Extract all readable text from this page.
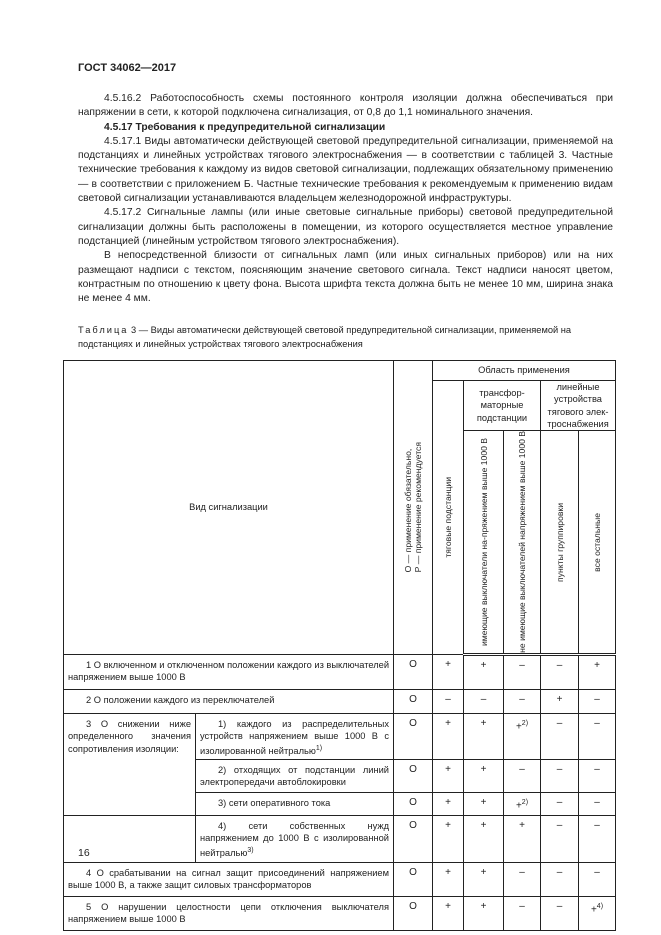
ГОСТ 34062—2017

4.5.16.2 Работоспособность схемы постоянного контроля изоляции должна обеспечиваться при напряжении в сети, к которой подключена сигнализация, от 0,8 до 1,1 номинального значения.

4.5.17 Требования к предупредительной сигнализации

4.5.17.1 Виды автоматически действующей световой предупредительной сигнализации, применяемой на подстанциях и линейных устройствах тягового электроснабжения — в соответствии с таблицей 3. Частные технические требования к каждому из видов световой сигнализации, подлежащих обязательному применению — в соответствии с приложением Б. Частные технические требования к рекомендуемым к применению видам световой сигнализации устанавливаются владельцем железнодорожной инфраструктуры.

4.5.17.2 Сигнальные лампы (или иные световые сигнальные приборы) световой предупредительной сигнализации должны быть расположены в помещении, из которого осуществляется местное управление подстанцией (линейным устройством тягового электроснабжения).

В непосредственной близости от сигнальных ламп (или иных сигнальных приборов) или на них размещают надписи с текстом, поясняющим значение светового сигнала. Текст надписи наносят цветом, контрастным по отношению к цвету фона. Высота шрифта текста должна быть не менее 10 мм, ширина знака не менее 4 мм.

Таблица 3 — Виды автоматически действующей световой предупредительной сигнализации, применяемой на подстанциях и линейных устройствах тягового электроснабжения
Вид сигнализации		О — применение обязательно,
Р — применение рекомендуется	Область применения				

			тяговые подстанции	трансфор-маторные подстанции		линейные устройства тягового элек-троснабжения	

				имеющие выключатели на-пряжением выше 1000 В	не имеющие выключателей напряжением выше 1000 В	пункты группировки	все остальные

1 О включенном и отключенном положении каждого из выключателей напряжением выше 1000 В		О	+	+	–	–	+
2 О положении каждого из переключателей		О	–	–	–	+	–
3 О снижении ниже определенного значения сопротивления изоляции:	1) каждого из распределительных устройств напряжением выше 1000 В с изолированной нейтралью$^{1)}$	О	+	+	+$^{2)}$	–	–
	2) отходящих от подстанции линий электропередачи автоблокировки	О	+	+	–	–	–
	3) сети оперативного тока	О	+	+	+$^{2)}$	–	–
	4) сети собственных нужд напряжением до 1000 В с изолированной нейтралью$^{3)}$	О	+	+	+	–	–
4 О срабатывании на сигнал защит присоединений напряжением выше 1000 В, а также защит силовых трансформаторов		О	+	+	–	–	–
5 О нарушении целостности цепи отключения выключателя напряжением выше 1000 В		О	+	+	–	–	+$^{4)}$
16
